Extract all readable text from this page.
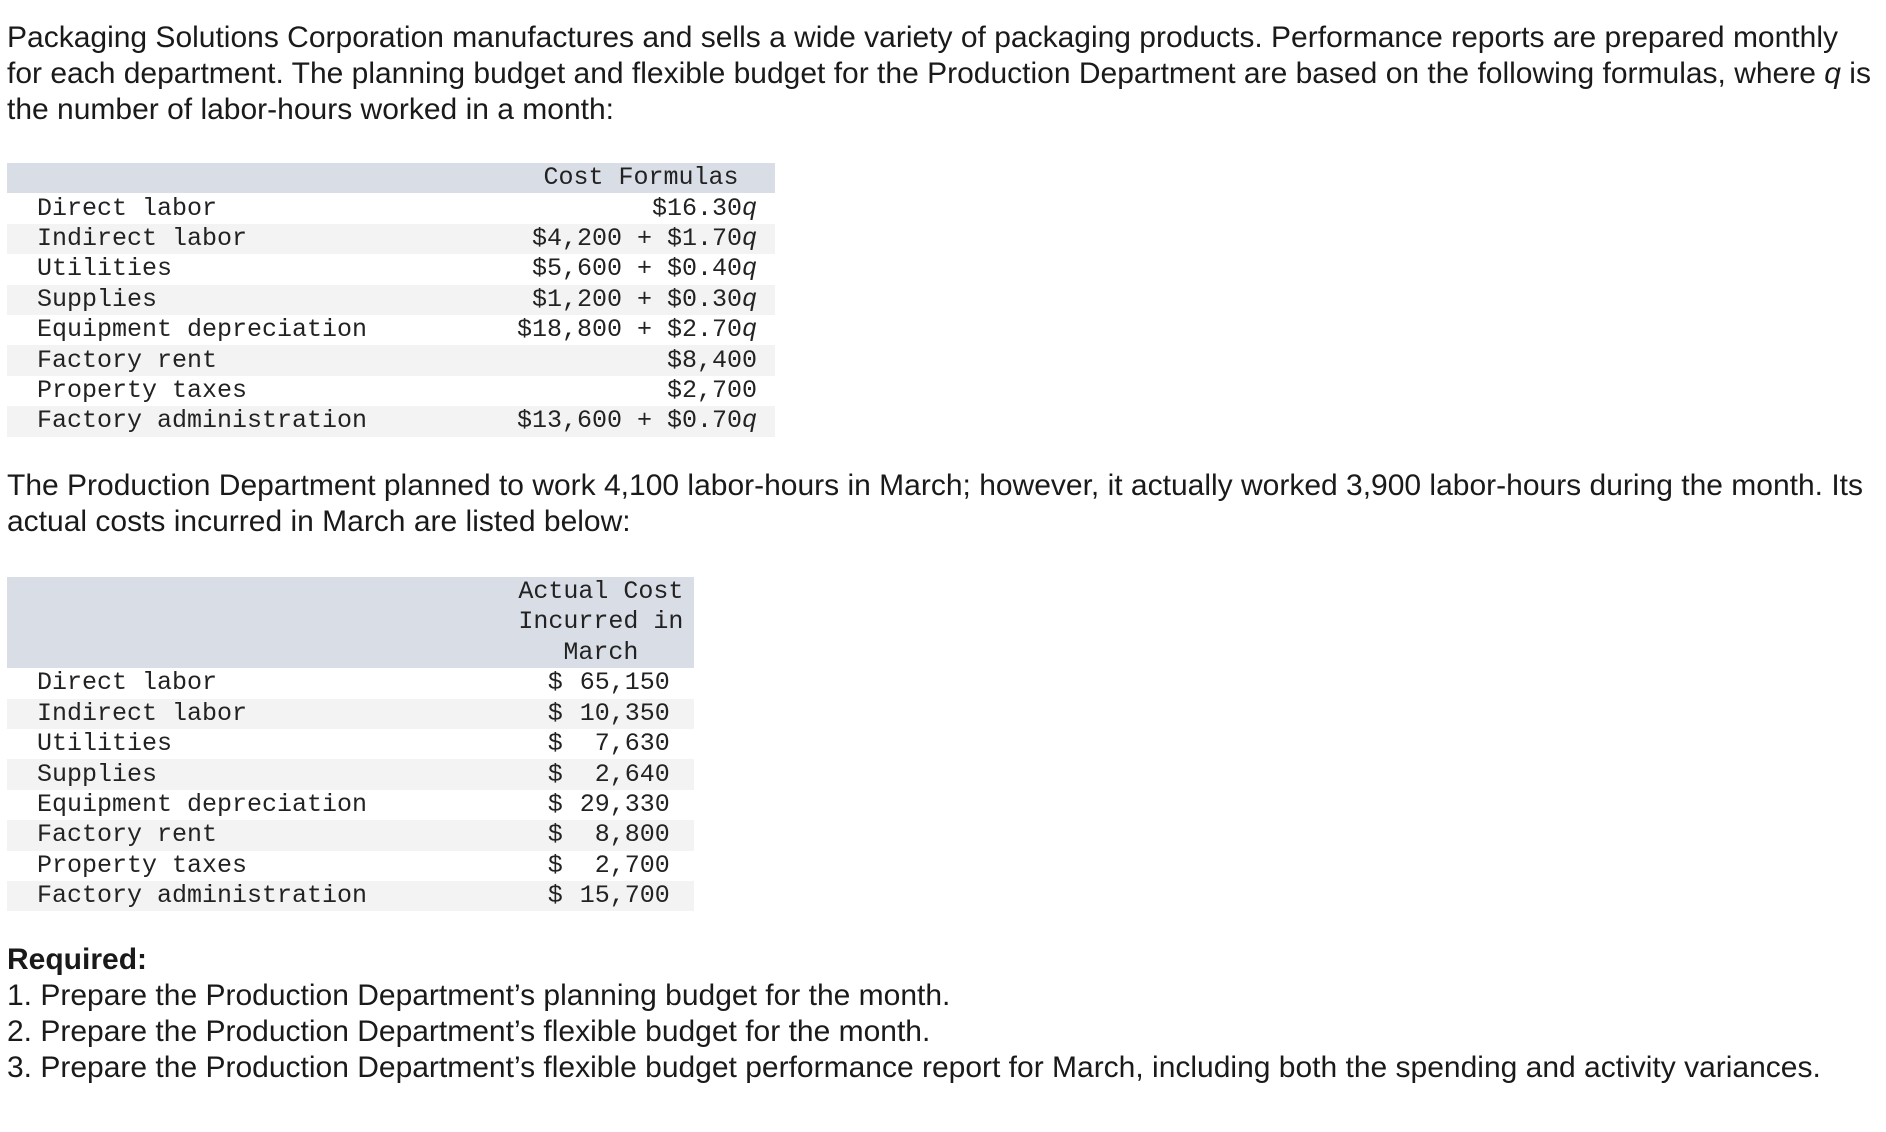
Packaging Solutions Corporation manufactures and sells a wide variety of packaging products. Performance reports are prepared monthly for each department. The planning budget and flexible budget for the Production Department are based on the following formulas, where q is the number of labor-hours worked in a month:

	Cost Formulas
Direct labor	$16.30q
Indirect labor	$4,200 + $1.70q
Utilities	$5,600 + $0.40q
Supplies	$1,200 + $0.30q
Equipment depreciation	$18,800 + $2.70q
Factory rent	$8,400
Property taxes	$2,700
Factory administration	$13,600 + $0.70q

The Production Department planned to work 4,100 labor-hours in March; however, it actually worked 3,900 labor-hours during the month. Its actual costs incurred in March are listed below:

	Actual Cost
Incurred in
March

Direct labor	$ 65,150
Indirect labor	$ 10,350
Utilities	$ 7,630
Supplies	$ 2,640
Equipment depreciation	$ 29,330
Factory rent	$ 8,800
Property taxes	$ 2,700
Factory administration	$ 15,700
Required:
1. Prepare the Production Department’s planning budget for the month.
2. Prepare the Production Department’s flexible budget for the month.
3. Prepare the Production Department’s flexible budget performance report for March, including both the spending and activity variances.
